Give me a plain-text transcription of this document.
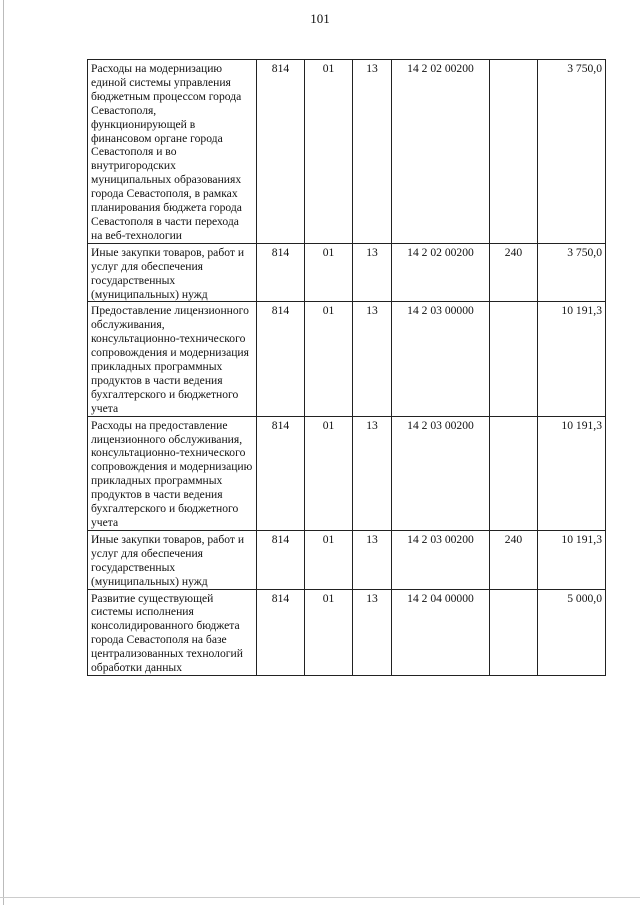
101
Расходы на модернизацию единой системы управления бюджетным процессом города Севастополя, функционирующей в финансовом органе города Севастополя и во внутригородских муниципальных образованиях города Севастополя, в рамках планирования бюджета города Севастополя в части перехода на веб-технологии	814	01	13	14 2 02 00200		3 750,0
Иные закупки товаров, работ и услуг для обеспечения государственных (муниципальных) нужд	814	01	13	14 2 02 00200	240	3 750,0
Предоставление лицензионного обслуживания, консультационно-технического сопровождения и модернизация прикладных программных продуктов в части ведения бухгалтерского и бюджетного учета	814	01	13	14 2 03 00000		10 191,3
Расходы на предоставление лицензионного обслуживания, консультационно-технического сопровождения и модернизацию прикладных программных продуктов в части ведения бухгалтерского и бюджетного учета	814	01	13	14 2 03 00200		10 191,3
Иные закупки товаров, работ и услуг для обеспечения государственных (муниципальных) нужд	814	01	13	14 2 03 00200	240	10 191,3
Развитие существующей системы исполнения консолидированного бюджета города Севастополя на базе централизованных технологий обработки данных	814	01	13	14 2 04 00000		5 000,0
